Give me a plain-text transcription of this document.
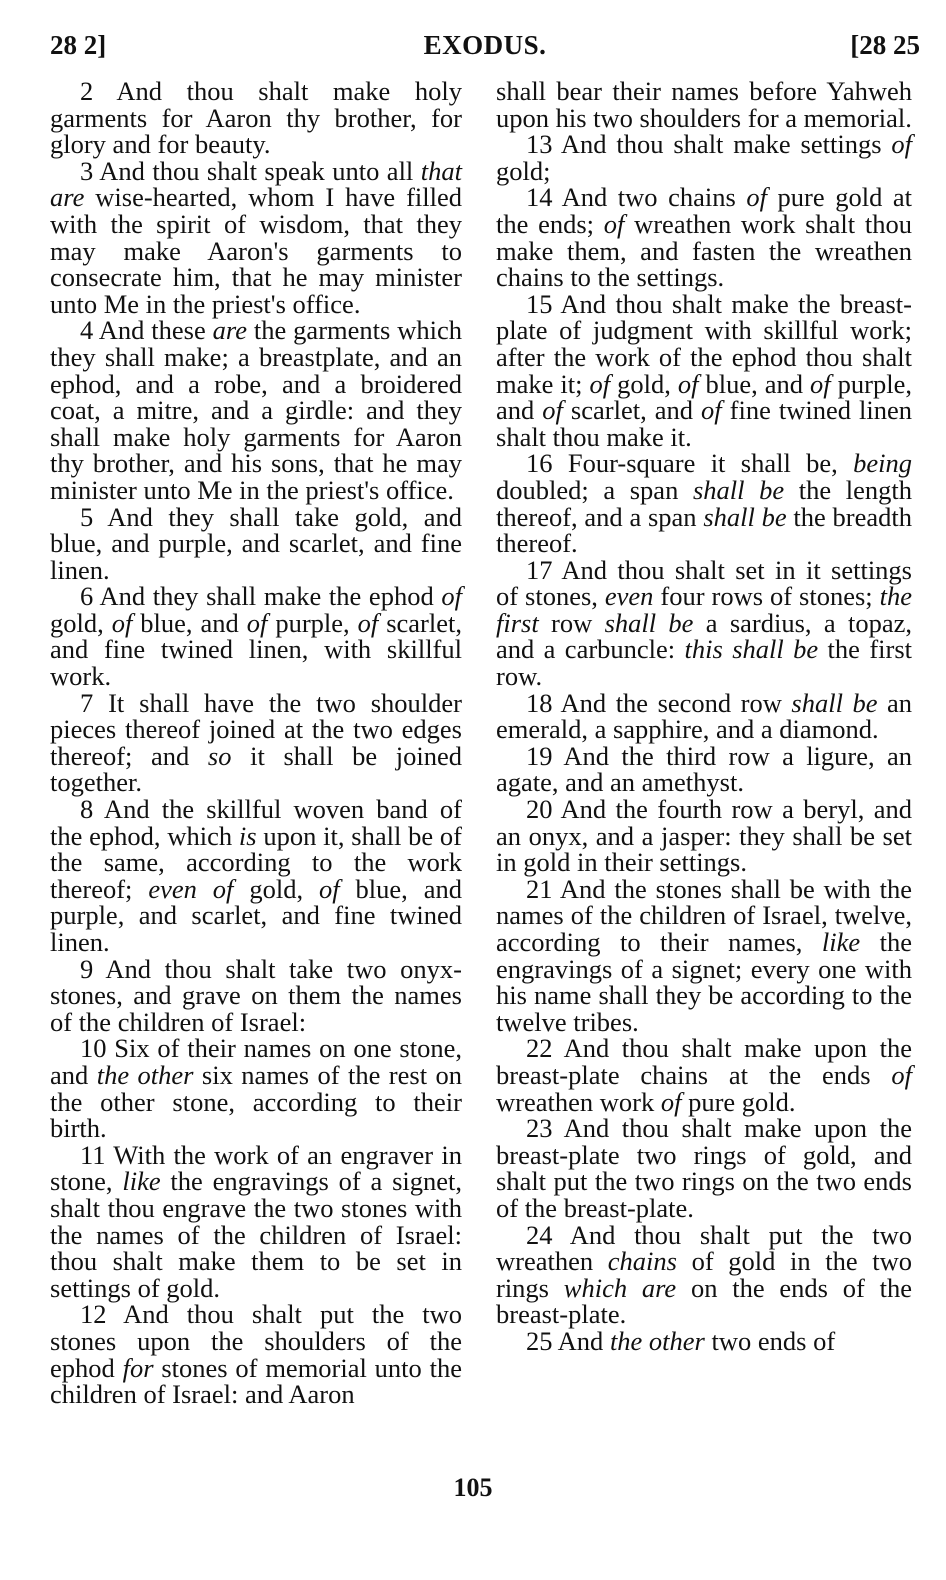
28 2]	EXODUS.	[28 25

2 And thou shalt make holy garments for Aaron thy brother, for glory and for beauty.

3 And thou shalt speak unto all that are wise-hearted, whom I have filled with the spirit of wisdom, that they may make Aaron's garments to consecrate him, that he may minister unto Me in the priest's office.

4 And these are the garments which they shall make; a breastplate, and an ephod, and a robe, and a broidered coat, a mitre, and a girdle: and they shall make holy garments for Aaron thy brother, and his sons, that he may minister unto Me in the priest's office.

5 And they shall take gold, and blue, and purple, and scarlet, and fine linen.

6 And they shall make the ephod of gold, of blue, and of purple, of scarlet, and fine twined linen, with skillful work.

7 It shall have the two shoulder pieces thereof joined at the two edges thereof; and so it shall be joined together.

8 And the skillful woven band of the ephod, which is upon it, shall be of the same, according to the work thereof; even of gold, of blue, and purple, and scarlet, and fine twined linen.

9 And thou shalt take two onyx-stones, and grave on them the names of the children of Israel:

10 Six of their names on one stone, and the other six names of the rest on the other stone, according to their birth.

11 With the work of an engraver in stone, like the engravings of a signet, shalt thou engrave the two stones with the names of the children of Israel: thou shalt make them to be set in settings of gold.

12 And thou shalt put the two stones upon the shoulders of the ephod for stones of memorial unto the children of Israel: and Aaron

shall bear their names before Yahweh upon his two shoulders for a memorial.

13 And thou shalt make settings of gold;

14 And two chains of pure gold at the ends; of wreathen work shalt thou make them, and fasten the wreathen chains to the settings.

15 And thou shalt make the breast-plate of judgment with skillful work; after the work of the ephod thou shalt make it; of gold, of blue, and of purple, and of scarlet, and of fine twined linen shalt thou make it.

16 Four-square it shall be, being doubled; a span shall be the length thereof, and a span shall be the breadth thereof.

17 And thou shalt set in it settings of stones, even four rows of stones; the first row shall be a sardius, a topaz, and a carbuncle: this shall be the first row.

18 And the second row shall be an emerald, a sapphire, and a diamond.

19 And the third row a ligure, an agate, and an amethyst.

20 And the fourth row a beryl, and an onyx, and a jasper: they shall be set in gold in their settings.

21 And the stones shall be with the names of the children of Israel, twelve, according to their names, like the engravings of a signet; every one with his name shall they be according to the twelve tribes.

22 And thou shalt make upon the breast-plate chains at the ends of wreathen work of pure gold.

23 And thou shalt make upon the breast-plate two rings of gold, and shalt put the two rings on the two ends of the breast-plate.

24 And thou shalt put the two wreathen chains of gold in the two rings which are on the ends of the breast-plate.

25 And the other two ends of

105
